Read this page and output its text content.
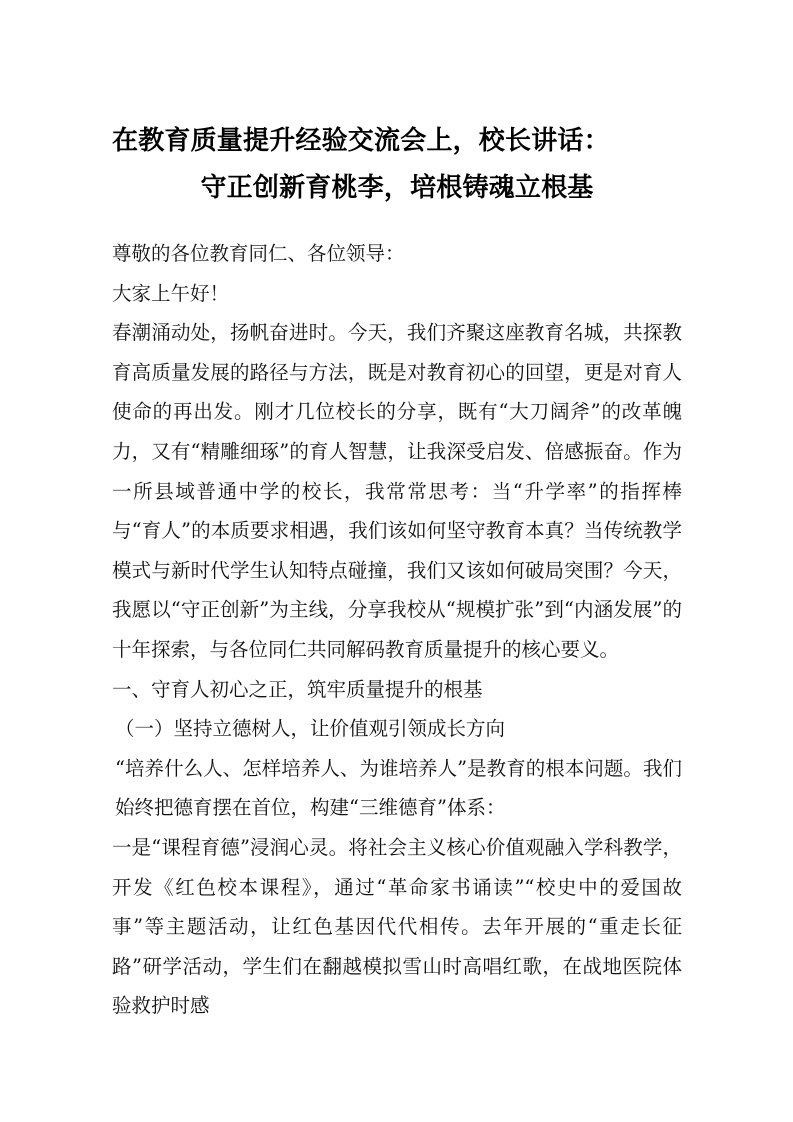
在教育质量提升经验交流会上，校长讲话：
守正创新育桃李，培根铸魂立根基

尊敬的各位教育同仁、各位领导：

大家上午好！

春潮涌动处，扬帆奋进时。今天，我们齐聚这座教育名城，共探教育高质量发展的路径与方法，既是对教育初心的回望，更是对育人使命的再出发。刚才几位校长的分享，既有“大刀阔斧”的改革魄力，又有“精雕细琢”的育人智慧，让我深受启发、倍感振奋。作为一所县域普通中学的校长，我常常思考：当“升学率”的指挥棒与“育人”的本质要求相遇，我们该如何坚守教育本真？当传统教学模式与新时代学生认知特点碰撞，我们又该如何破局突围？今天，我愿以“守正创新”为主线，分享我校从“规模扩张”到“内涵发展”的十年探索，与各位同仁共同解码教育质量提升的核心要义。

一、守育人初心之正，筑牢质量提升的根基

（一）坚持立德树人，让价值观引领成长方向

“培养什么人、怎样培养人、为谁培养人”是教育的根本问题。我们始终把德育摆在首位，构建“三维德育”体系：

一是“课程育德”浸润心灵。将社会主义核心价值观融入学科教学，开发《红色校本课程》，通过“革命家书诵读”“校史中的爱国故事”等主题活动，让红色基因代代相传。去年开展的“重走长征路”研学活动，学生们在翻越模拟雪山时高唱红歌，在战地医院体验救护时感
